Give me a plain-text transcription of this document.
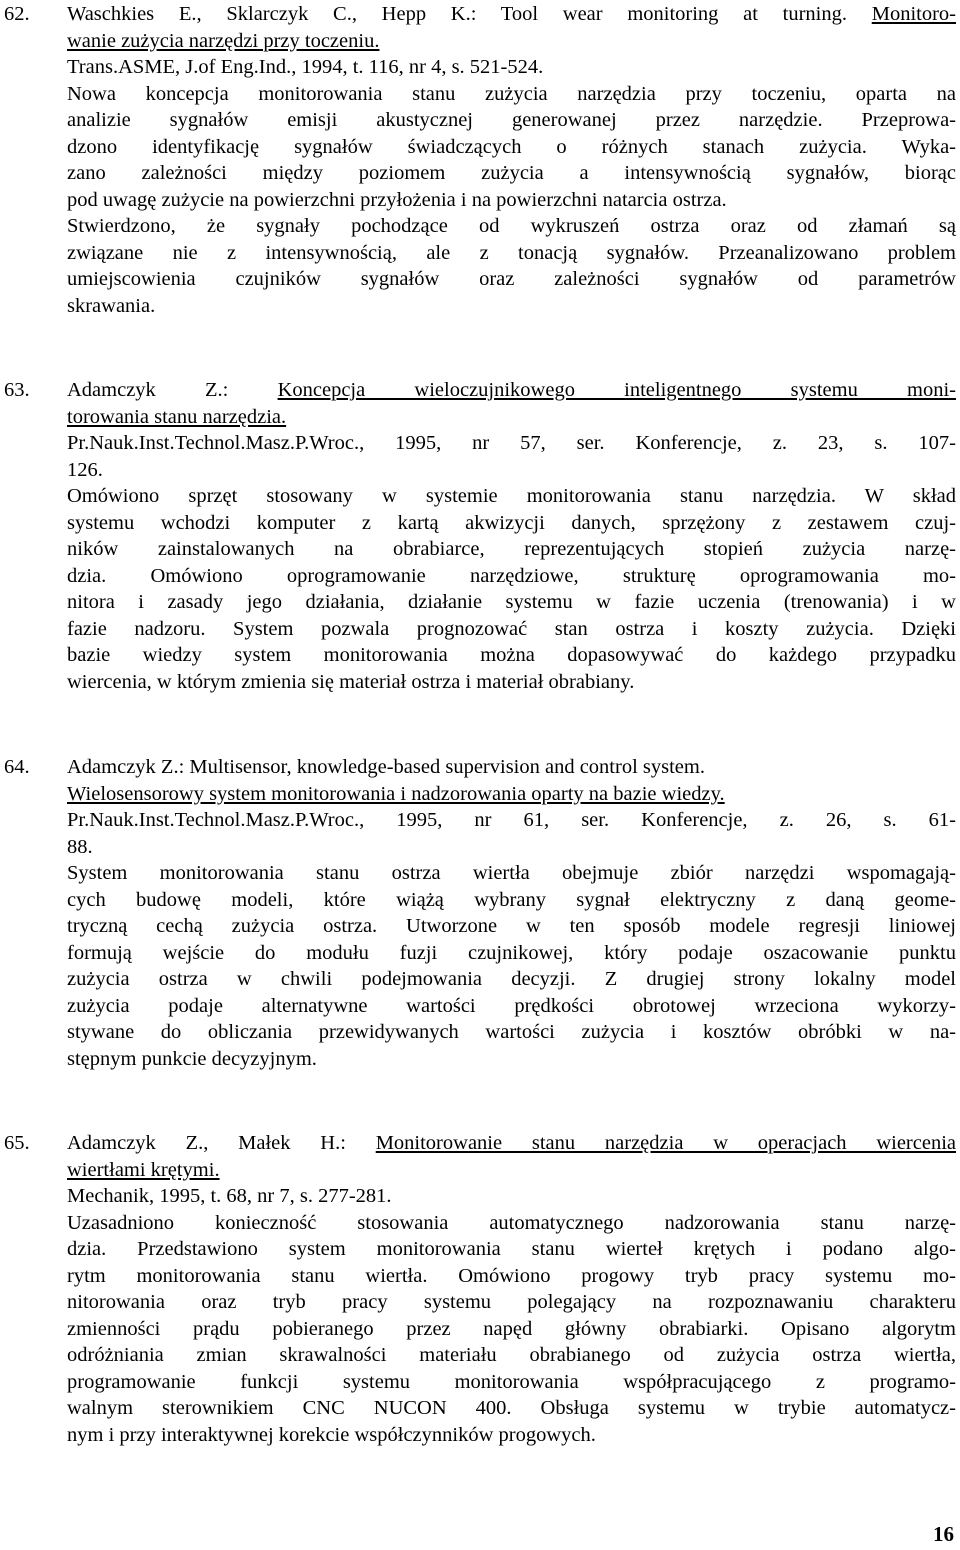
62. Waschkies E., Sklarczyk C., Hepp K.: Tool wear monitoring at turning. Monitoro-
wanie zużycia narzędzi przy toczeniu.
Trans.ASME, J.of Eng.Ind., 1994, t. 116, nr 4, s. 521-524.
Nowa koncepcja monitorowania stanu zużycia narzędzia przy toczeniu, oparta na
analizie sygnałów emisji akustycznej generowanej przez narzędzie. Przeprowa-
dzono identyfikację sygnałów świadczących o różnych stanach zużycia. Wyka-
zano zależności między poziomem zużycia a intensywnością sygnałów, biorąc
pod uwagę zużycie na powierzchni przyłożenia i na powierzchni natarcia ostrza.
Stwierdzono, że sygnały pochodzące od wykruszeń ostrza oraz od złamań są
związane nie z intensywnością, ale z tonacją sygnałów. Przeanalizowano problem
umiejscowienia czujników sygnałów oraz zależności sygnałów od parametrów
skrawania.
63. Adamczyk Z.: Koncepcja wieloczujnikowego inteligentnego systemu moni-
torowania stanu narzędzia.
Pr.Nauk.Inst.Technol.Masz.P.Wroc., 1995, nr 57, ser. Konferencje, z. 23, s. 107-
126.
Omówiono sprzęt stosowany w systemie monitorowania stanu narzędzia. W skład
systemu wchodzi komputer z kartą akwizycji danych, sprzężony z zestawem czuj-
ników zainstalowanych na obrabiarce, reprezentujących stopień zużycia narzę-
dzia. Omówiono oprogramowanie narzędziowe, strukturę oprogramowania mo-
nitora i zasady jego działania, działanie systemu w fazie uczenia (trenowania) i w
fazie nadzoru. System pozwala prognozować stan ostrza i koszty zużycia. Dzięki
bazie wiedzy system monitorowania można dopasowywać do każdego przypadku
wiercenia, w którym zmienia się materiał ostrza i materiał obrabiany.
64. Adamczyk Z.: Multisensor, knowledge-based supervision and control system.
Wielosensorowy system monitorowania i nadzorowania oparty na bazie wiedzy.
Pr.Nauk.Inst.Technol.Masz.P.Wroc., 1995, nr 61, ser. Konferencje, z. 26, s. 61-
88.
System monitorowania stanu ostrza wiertła obejmuje zbiór narzędzi wspomagają-
cych budowę modeli, które wiążą wybrany sygnał elektryczny z daną geome-
tryczną cechą zużycia ostrza. Utworzone w ten sposób modele regresji liniowej
formują wejście do modułu fuzji czujnikowej, który podaje oszacowanie punktu
zużycia ostrza w chwili podejmowania decyzji. Z drugiej strony lokalny model
zużycia podaje alternatywne wartości prędkości obrotowej wrzeciona wykorzy-
stywane do obliczania przewidywanych wartości zużycia i kosztów obróbki w na-
stępnym punkcie decyzyjnym.
65. Adamczyk Z., Małek H.: Monitorowanie stanu narzędzia w operacjach wiercenia
wiertłami krętymi.
Mechanik, 1995, t. 68, nr 7, s. 277-281.
Uzasadniono konieczność stosowania automatycznego nadzorowania stanu narzę-
dzia. Przedstawiono system monitorowania stanu wierteł krętych i podano algo-
rytm monitorowania stanu wiertła. Omówiono progowy tryb pracy systemu mo-
nitorowania oraz tryb pracy systemu polegający na rozpoznawaniu charakteru
zmienności prądu pobieranego przez napęd główny obrabiarki. Opisano algorytm
odróżniania zmian skrawalności materiału obrabianego od zużycia ostrza wiertła,
programowanie funkcji systemu monitorowania współpracującego z programo-
walnym sterownikiem CNC NUCON 400. Obsługa systemu w trybie automatycz-
nym i przy interaktywnej korekcie współczynników progowych.
16
